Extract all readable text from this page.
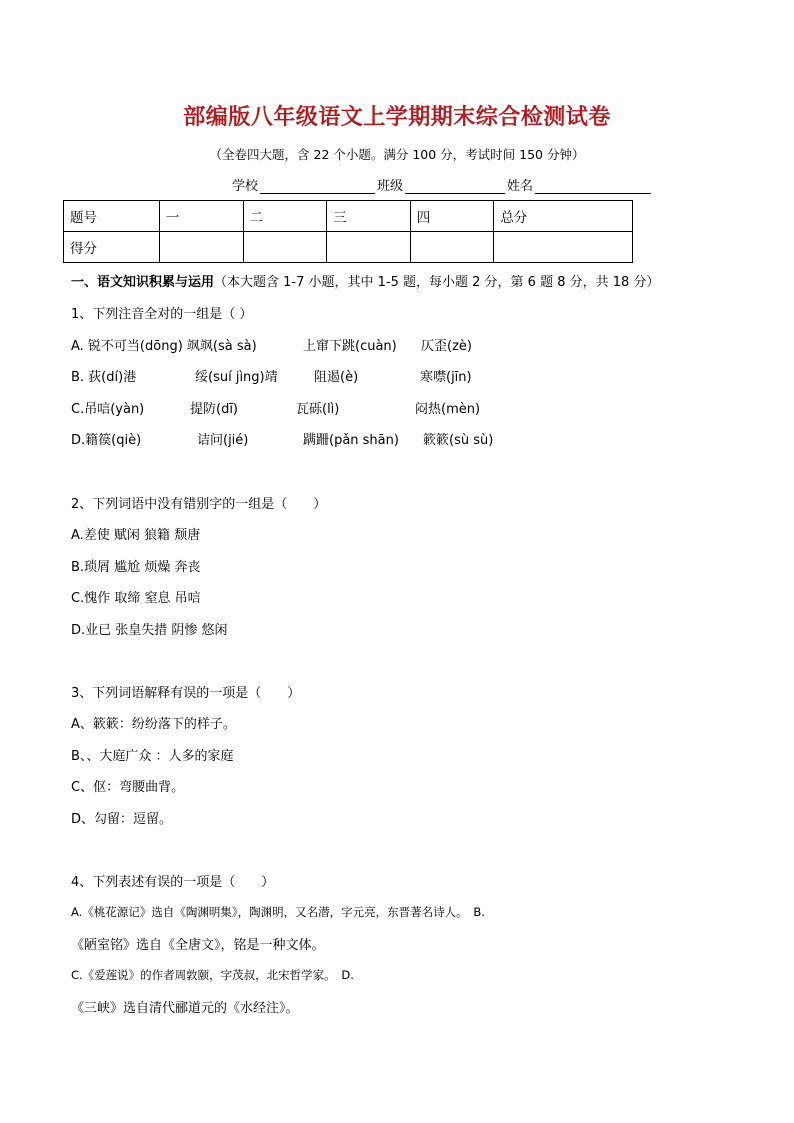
部编版八年级语文上学期期末综合检测试卷

（全卷四大题，含 22 个小题。满分 100 分，考试时间 150 分钟）

学校	班级	姓名
题号	一	二	三	四	总分
得分					

一、语文知识积累与运用（本大题含 1-7 小题，其中 1-5 题，每小题 2 分，第 6 题 8 分，共 18 分）

1、下列注音全对的一组是（ ）

A. 锐不可当(dōng) 飒飒(sà sà)	上窜下跳(cuàn) 仄歪(zè)

B. 荻(dí)港	绥(suí jìng)靖	阻遏(è)	寒噤(jīn)

C.吊唁(yàn)	提防(dī)	瓦砾(lì)	闷热(mèn)

D.籍篌(qiè)	诘问(jié)	蹒跚(pǎn shān) 簌簌(sù sù)

2、下列词语中没有错别字的一组是（　　）

A.差使 赋闲 狼籍 颓唐

B.琐屑 尴尬 烦燥 奔丧

C.愧作 取缔 窒息 吊唁

D.业已 张皇失措 阴惨 悠闲

3、下列词语解释有误的一项是（　　）

A、簌簌：纷纷落下的样子。

B、、大庭广众 ：人多的家庭

C、伛：弯腰曲背。

D、勾留：逗留。

4、下列表述有误的一项是（　　）

A.《桃花源记》选自《陶渊明集》，陶渊明，又名潜，字元亮，东晋著名诗人。　B.

《陋室铭》选自《全唐文》，铭是一种文体。

C.《爱莲说》的作者周敦颐，字茂叔，北宋哲学家。　D.

《三峡》选自清代郦道元的《水经注》。
